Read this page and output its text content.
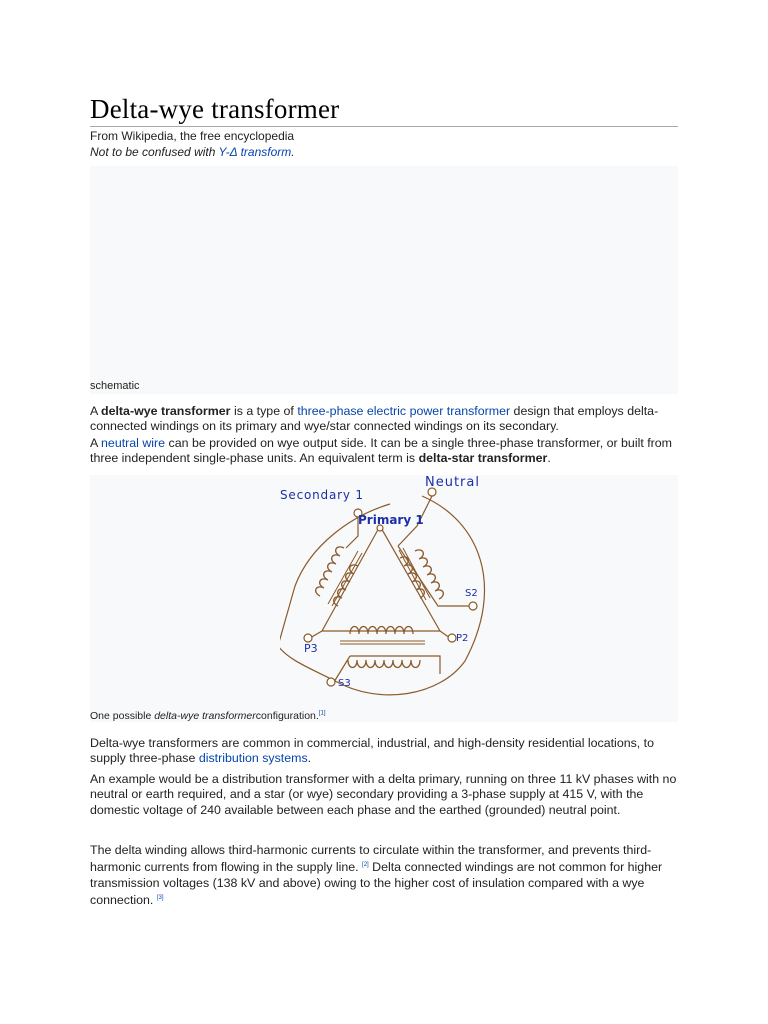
Delta-wye transformer
From Wikipedia, the free encyclopedia
Not to be confused with Y-Δ transform.
schematic
A delta-wye transformer is a type of three-phase electric power transformer design that employs delta-connected windings on its primary and wye/star connected windings on its secondary.
A neutral wire can be provided on wye output side. It can be a single three-phase transformer, or built from three independent single-phase units. An equivalent term is delta-star transformer.
Neutral
Secondary 1
Primary 1
S2
P2
P3
S3
One possible delta-wye transformerconfiguration.[1]
Delta-wye transformers are common in commercial, industrial, and high-density residential locations, to supply three-phase distribution systems.
An example would be a distribution transformer with a delta primary, running on three 11 kV phases with no neutral or earth required, and a star (or wye) secondary providing a 3-phase supply at 415 V, with the domestic voltage of 240 available between each phase and the earthed (grounded) neutral point.
The delta winding allows third-harmonic currents to circulate within the transformer, and prevents third-harmonic currents from flowing in the supply line. [2] Delta connected windings are not common for higher transmission voltages (138 kV and above) owing to the higher cost of insulation compared with a wye connection. [3]
